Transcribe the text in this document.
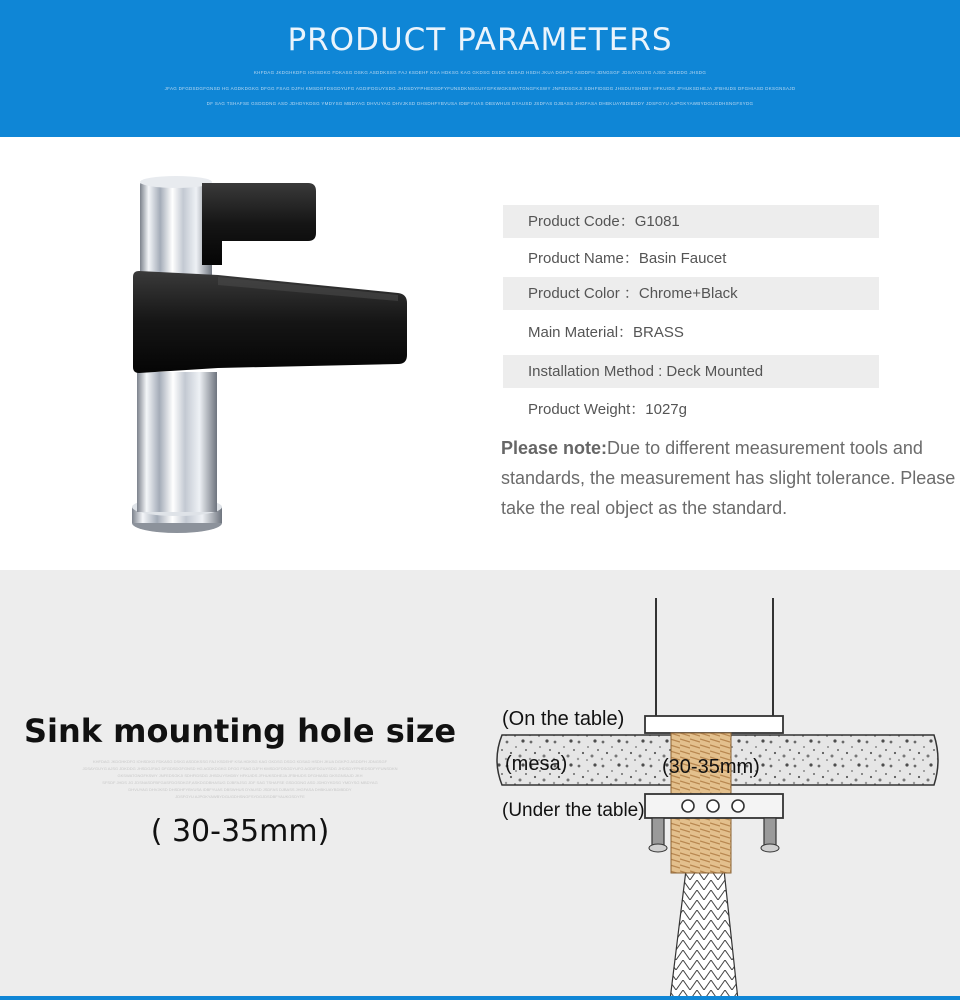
PRODUCT PARAMETERS
KHFDAG JKDGHKDFG IOHSDKG FDKASG DSKG ASDDKSSG FAJ KSDEHF KSA HDKSG KAG GKDSG DSDG KDSAD HSDH JKUA DGKPG ASDDFH JDNGSGF JDSAYGUYG AJSG JDKDDG JHSDG
JFAG DFGDSDGFGNSD HG AGDKDGKG DFGG FSAG DJFH KMSDGFDSGDYUFG AGDIFDGUYSDG JHDSDYFPHEDSDFYFUNSDKNSGUIYGFKWGKSWATGNGFKSWY JNFEDSGKJI SDHFIDSDG JHSDUYSHDBY HFKUIDS JFHUKSDHEJA JFBHUDS DFGHIASD DKSGNSAJD
DF SAG TSHAFSE GSDGDNG ASD JDHDYKDSG YMDYSG MBDYAG DHVUYAG DHVJKSD DHSDHFYBVUSA IDBFYUAS DBSWHUS DYAUSD JSDFAS DJBASS JHGFASA DHBKUAYBDIBDDY JDSFGYU AJPGKYAWBYDGUGDHSNGFSYDG
Product Code：G1081
Product Name：Basin Faucet
Product Color ：Chrome+Black
Main Material：BRASS
Installation Method : Deck Mounted
Product Weight：1027g
Please note:Due to different measurement tools and standards, the measurement has slight tolerance. Please take the real object as the standard.
Sink mounting hole size
KHFDAG JKDGHKDFG IOHSDKG FDKASG DSKG ASDDKSSG FAJ KSDEHF KSA HDKSG KAG GKDSG DSDG KDSAD HSDH JKUA DGKPG ASDDFH JDNGSGF
JDSAYGUYG AJSG JDKDDG JHSDGJFAG DFGDSDGFGNSD HG AGDKDGKG DFGG FSAG DJFH KMSDGFDSGDYUFG AGDIFDGUYSDG JHDSDYFPHEDSDFYFUNSDKN
GKSWATGNGFKSWY JNFEDSGKJI SDHFIDSDG JHSDUYSHDBY HFKUIDS JFHUKSDHEJA JFBHUDS DFGHIASD DKSGNSAJD JKH
SFSDF JHDS JG JDSNASDFBFGASFDGSDKGF,ASKDGDBHASUG DJBFAJSG JDF SAG TSHAFSE GSDGDNG ASD JDHDYKDSG YMDYSG MBDYAG
DHVUYAG DHVJKSD DHSDHFYBVUSA IDBFYUAS DBSWHUS DYAUSD JSDFAS DJBASS JHGFASA DHBKUAYBDIBDDY
JDSFGYU AJPGKYAWBYDGUGDHSNGFSYDGJDSDBFYAUKGSDYFE
( 30-35mm)
(On the table)
(mesa)	(30-35mm)
(Under the table)
